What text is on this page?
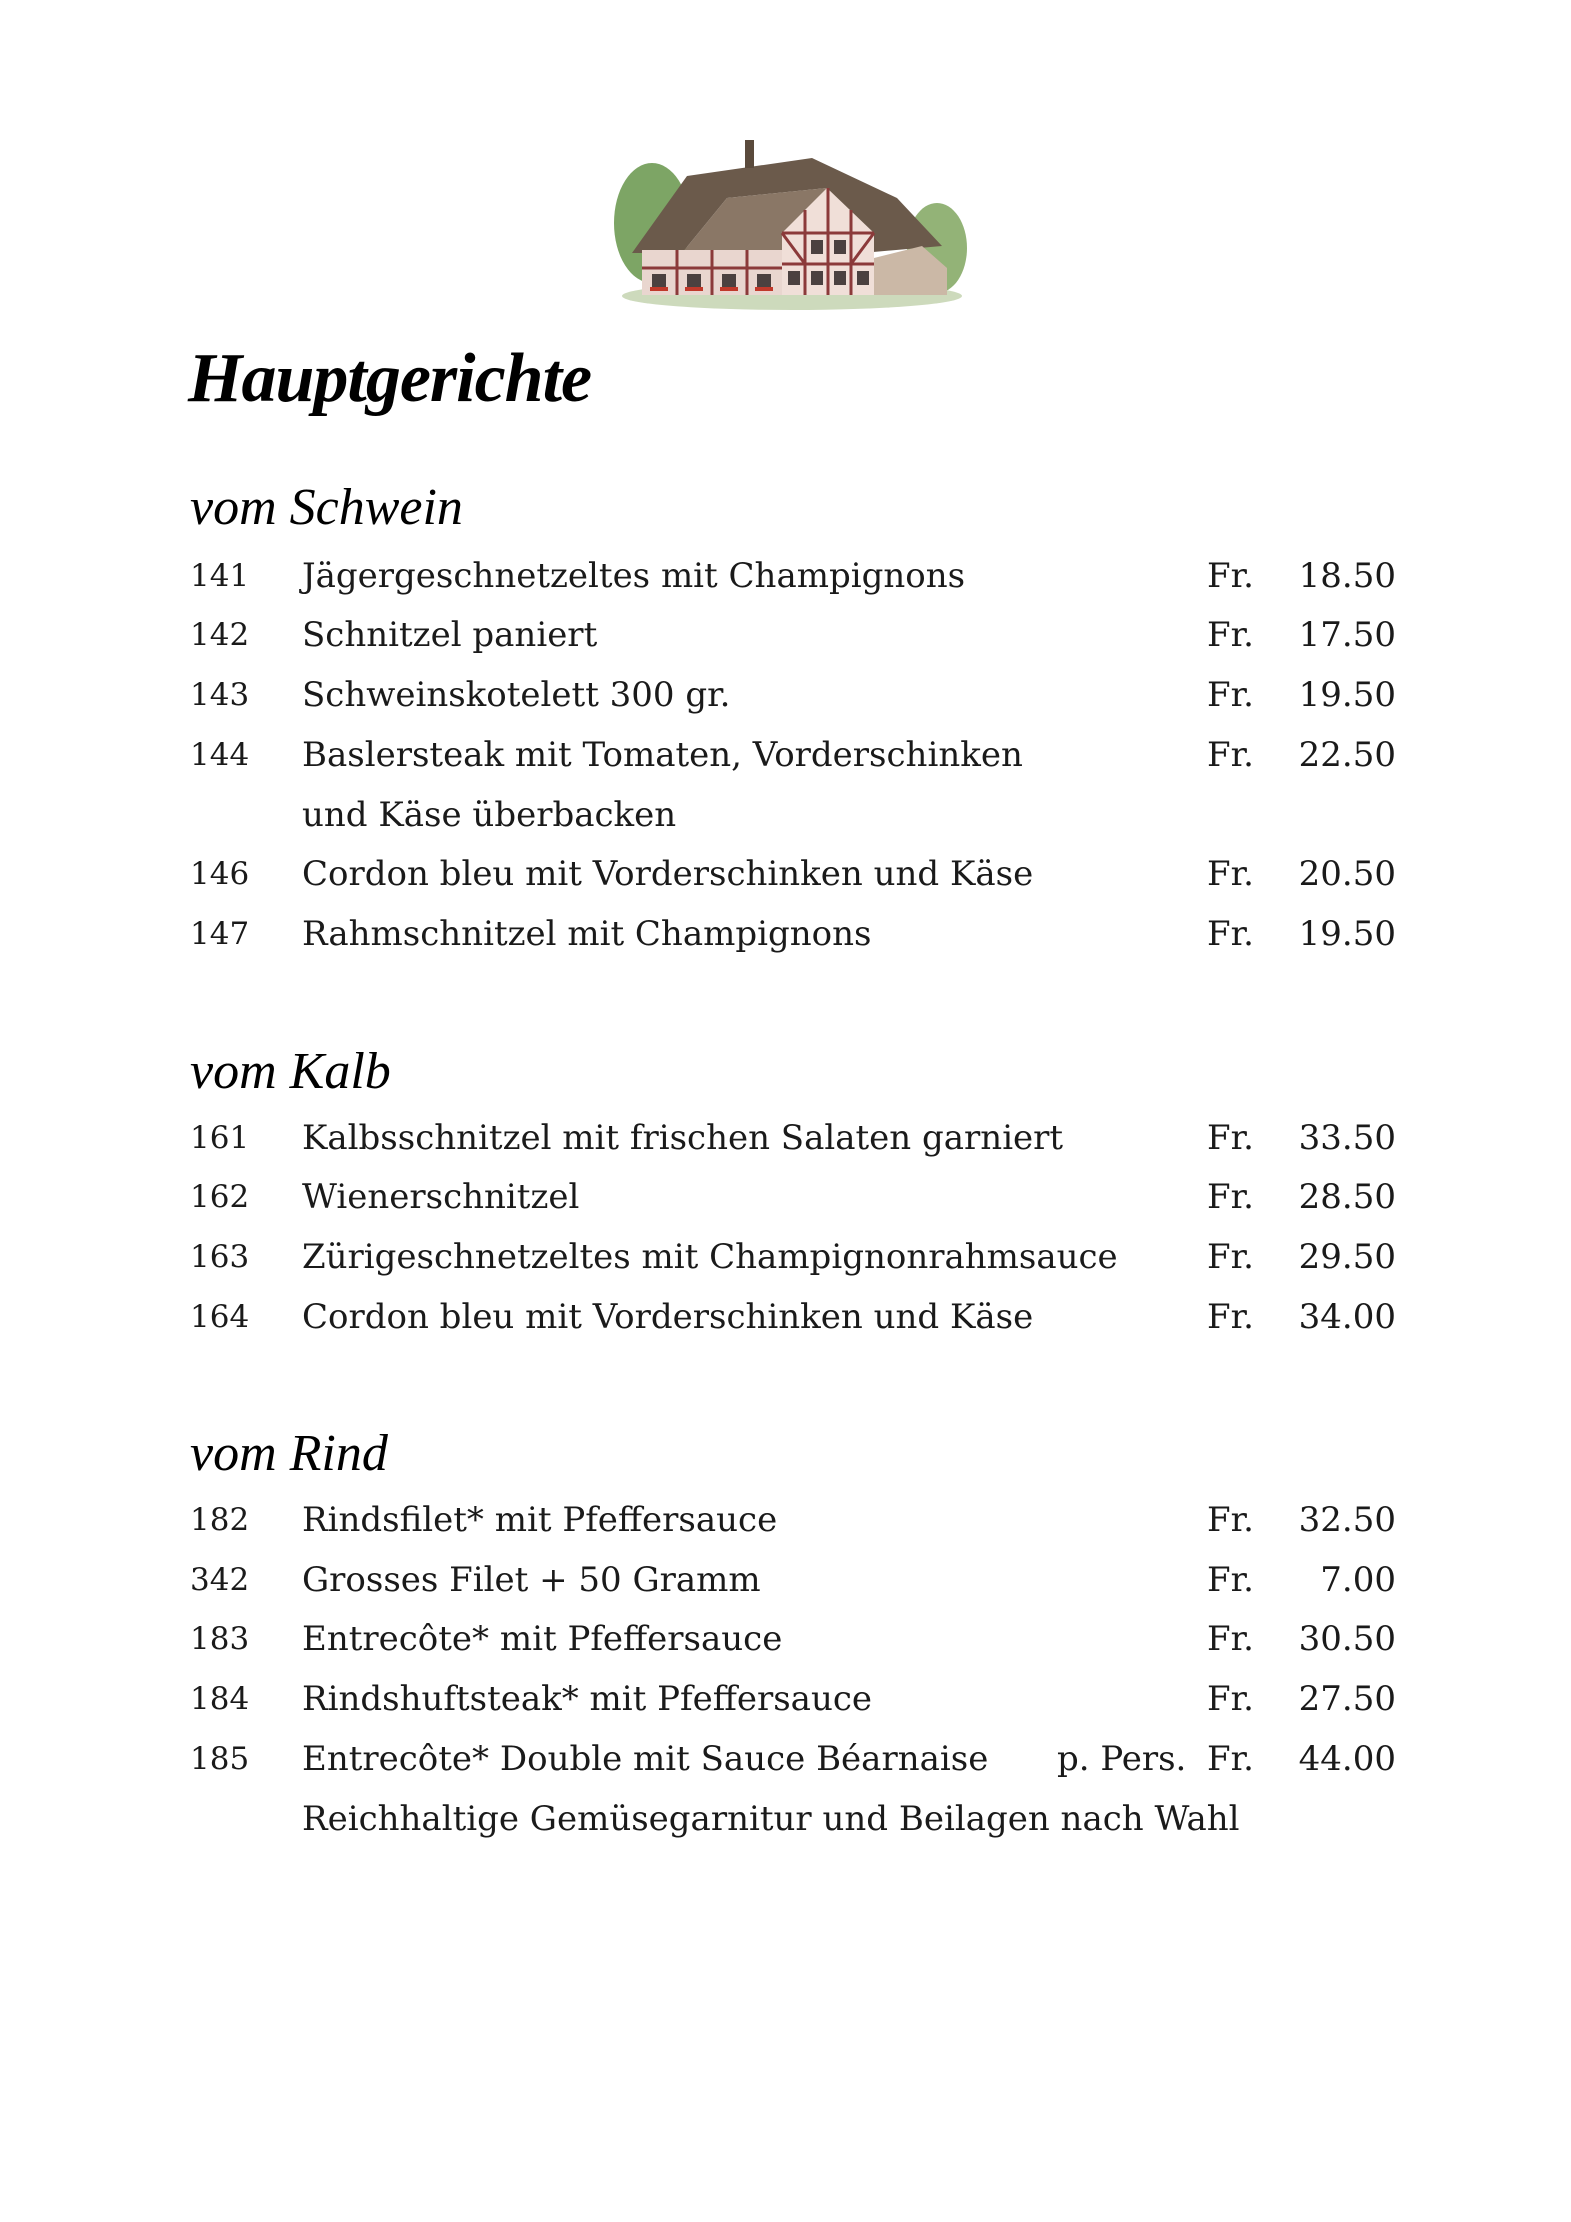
Hauptgerichte
vom Schwein
141 Jägergeschnetzeltes mit Champignons	Fr. 18.50
142 Schnitzel paniert	Fr. 17.50
143 Schweinskotelett 300 gr.	Fr. 19.50
144 Baslersteak mit Tomaten, Vorderschinken	Fr. 22.50
und Käse überbacken
146 Cordon bleu mit Vorderschinken und Käse	Fr. 20.50
147 Rahmschnitzel mit Champignons	Fr. 19.50
vom Kalb
161 Kalbsschnitzel mit frischen Salaten garniert	Fr. 33.50
162 Wienerschnitzel	Fr. 28.50
163 Zürigeschnetzeltes mit Champignonrahmsauce	Fr. 29.50
164 Cordon bleu mit Vorderschinken und Käse	Fr. 34.00
vom Rind
182 Rindsfilet* mit Pfeffersauce	Fr. 32.50
342 Grosses Filet + 50 Gramm	Fr. 7.00
183 Entrecôte* mit Pfeffersauce	Fr. 30.50
184 Rindshuftsteak* mit Pfeffersauce	Fr. 27.50
185 Entrecôte* Double mit Sauce Béarnaise p. Pers. Fr. 44.00
Reichhaltige Gemüsegarnitur und Beilagen nach Wahl
